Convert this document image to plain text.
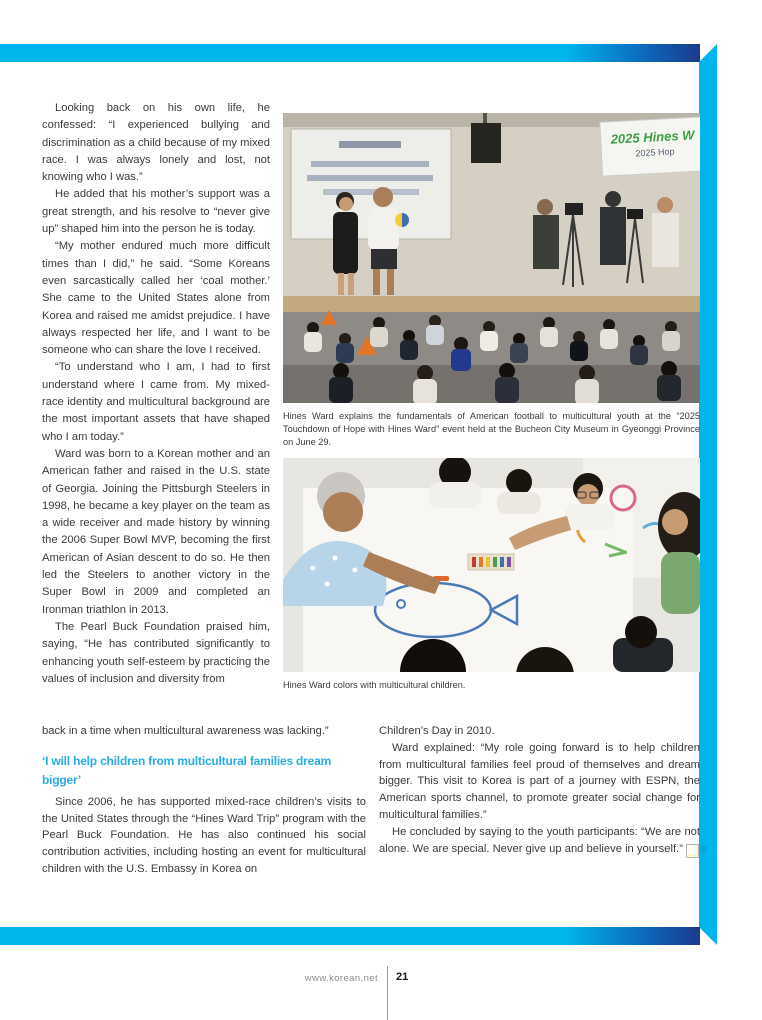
Looking back on his own life, he confessed: “I experienced bullying and discrimination as a child because of my mixed race. I was always lonely and lost, not knowing who I was.”

He added that his mother’s support was a great strength, and his resolve to “never give up” shaped him into the person he is today.

“My mother endured much more difficult times than I did,” he said. “Some Koreans even sarcastically called her ‘coal mother.’ She came to the United States alone from Korea and raised me amidst prejudice. I have always respected her life, and I want to be someone who can share the love I received.

“To understand who I am, I had to first understand where I came from. My mixed-race identity and multicultural background are the most important assets that have shaped who I am today.”

Ward was born to a Korean mother and an American father and raised in the U.S. state of Georgia. Joining the Pittsburgh Steelers in 1998, he became a key player on the team as a wide receiver and made history by winning the 2006 Super Bowl MVP, becoming the first American of Asian descent to do so. He then led the Steelers to another victory in the Super Bowl in 2009 and completed an Ironman triathlon in 2013.

The Pearl Buck Foundation praised him, saying, “He has contributed significantly to enhancing youth self-esteem by practicing the values of inclusion and diversity from

2025 Hines W
2025 Hop
Hines Ward explains the fundamentals of American football to multicultural youth at the “2025 Touchdown of Hope with Hines Ward” event held at the Bucheon City Museum in Gyeonggi Province on June 29.
Hines Ward colors with multicultural children.

back in a time when multicultural awareness was lacking.”

‘I will help children from multicultural families dream bigger’

Since 2006, he has supported mixed-race children’s visits to the United States through the “Hines Ward Trip” program with the Pearl Buck Foundation. He has also continued his social contribution activities, including hosting an event for multicultural children with the U.S. Embassy in Korea on

Children’s Day in 2010.

Ward explained: “My role going forward is to help children from multicultural families feel proud of themselves and dream bigger. This visit to Korea is part of a journey with ESPN, the American sports channel, to promote greater social change for multicultural families.”

He concluded by saying to the youth participants: “We are not alone. We are special. Never give up and believe in yourself.” 한

www.korean.net 21
